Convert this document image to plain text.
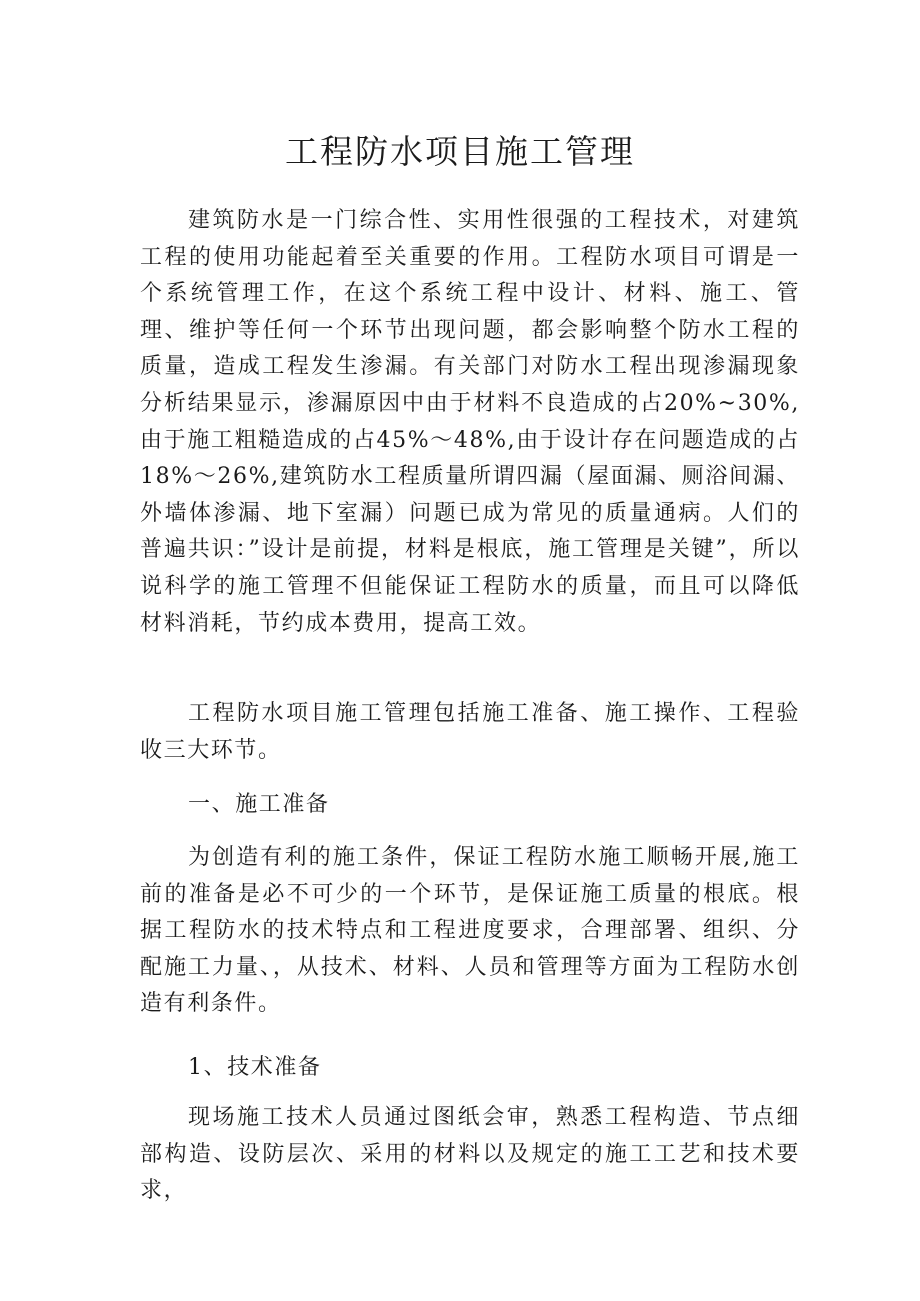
工程防水项目施工管理

建筑防水是一门综合性、实用性很强的工程技术，对建筑工程的使用功能起着至关重要的作用。工程防水项目可谓是一个系统管理工作，在这个系统工程中设计、材料、施工、管理、维护等任何一个环节出现问题，都会影响整个防水工程的质量，造成工程发生渗漏。有关部门对防水工程出现渗漏现象分析结果显示，渗漏原因中由于材料不良造成的占20%~30%,由于施工粗糙造成的占45%～48%,由于设计存在问题造成的占18%～26%,建筑防水工程质量所谓四漏（屋面漏、厕浴间漏、外墙体渗漏、地下室漏）问题已成为常见的质量通病。人们的普遍共识：”设计是前提，材料是根底，施工管理是关键”，所以说科学的施工管理不但能保证工程防水的质量，而且可以降低材料消耗，节约成本费用，提高工效。

工程防水项目施工管理包括施工准备、施工操作、工程验收三大环节。

一、施工准备

为创造有利的施工条件，保证工程防水施工顺畅开展,施工前的准备是必不可少的一个环节，是保证施工质量的根底。根据工程防水的技术特点和工程进度要求，合理部署、组织、分配施工力量、，从技术、材料、人员和管理等方面为工程防水创造有利条件。

1、技术准备

现场施工技术人员通过图纸会审，熟悉工程构造、节点细部构造、设防层次、采用的材料以及规定的施工工艺和技术要求，
